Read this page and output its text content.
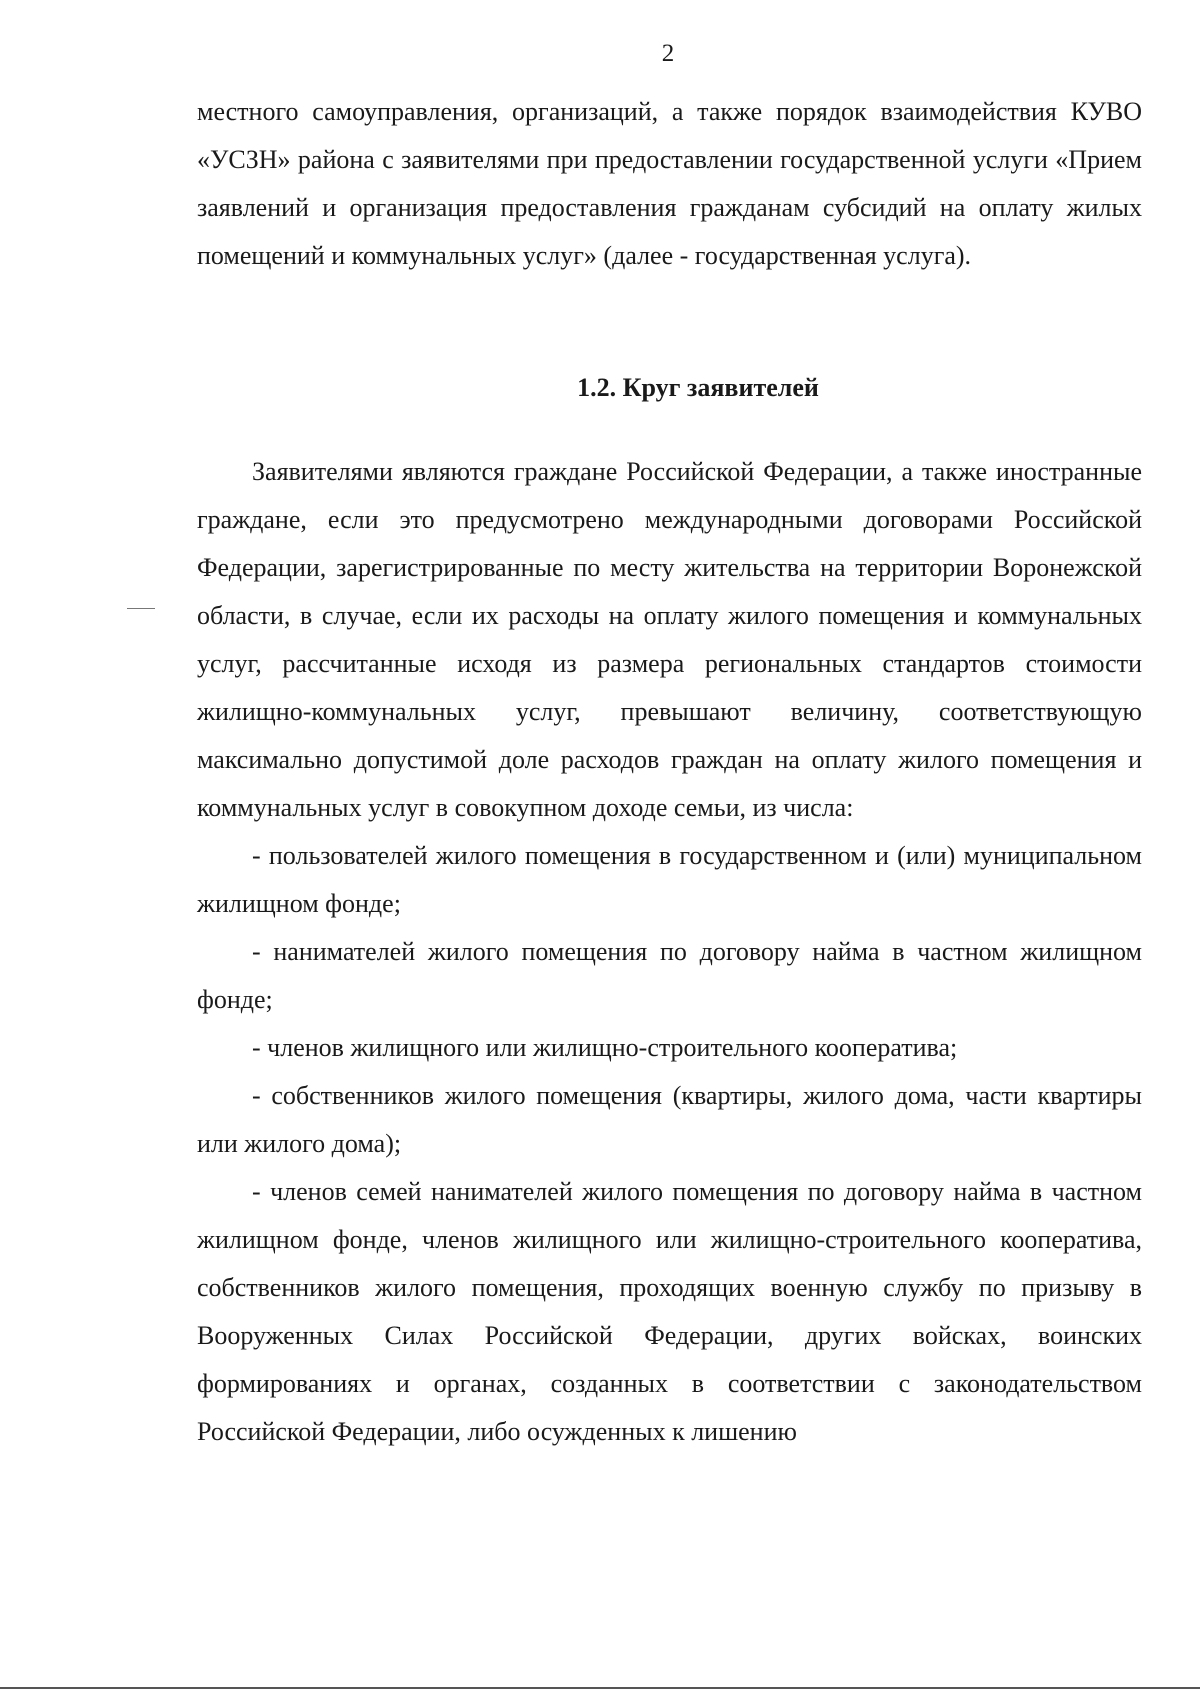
2

местного самоуправления, организаций, а также порядок взаимодействия КУВО «УСЗН» района с заявителями при предоставлении государственной услуги «Прием заявлений и организация предоставления гражданам субсидий на оплату жилых помещений и коммунальных услуг» (далее - государственная услуга).

1.2. Круг заявителей

Заявителями являются граждане Российской Федерации, а также иностранные граждане, если это предусмотрено международными договорами Российской Федерации, зарегистрированные по месту жительства на территории Воронежской области, в случае, если их расходы на оплату жилого помещения и коммунальных услуг, рассчитанные исходя из размера региональных стандартов стоимости жилищно-коммунальных услуг, превышают величину, соответствующую максимально допустимой доле расходов граждан на оплату жилого помещения и коммунальных услуг в совокупном доходе семьи, из числа:

- пользователей жилого помещения в государственном и (или) муниципальном жилищном фонде;

- нанимателей жилого помещения по договору найма в частном жилищном фонде;

- членов жилищного или жилищно-строительного кооператива;

- собственников жилого помещения (квартиры, жилого дома, части квартиры или жилого дома);

- членов семей нанимателей жилого помещения по договору найма в частном жилищном фонде, членов жилищного или жилищно-строительного кооператива, собственников жилого помещения, проходящих военную службу по призыву в Вооруженных Силах Российской Федерации, других войсках, воинских формированиях и органах, созданных в соответствии с законодательством Российской Федерации, либо осужденных к лишению
